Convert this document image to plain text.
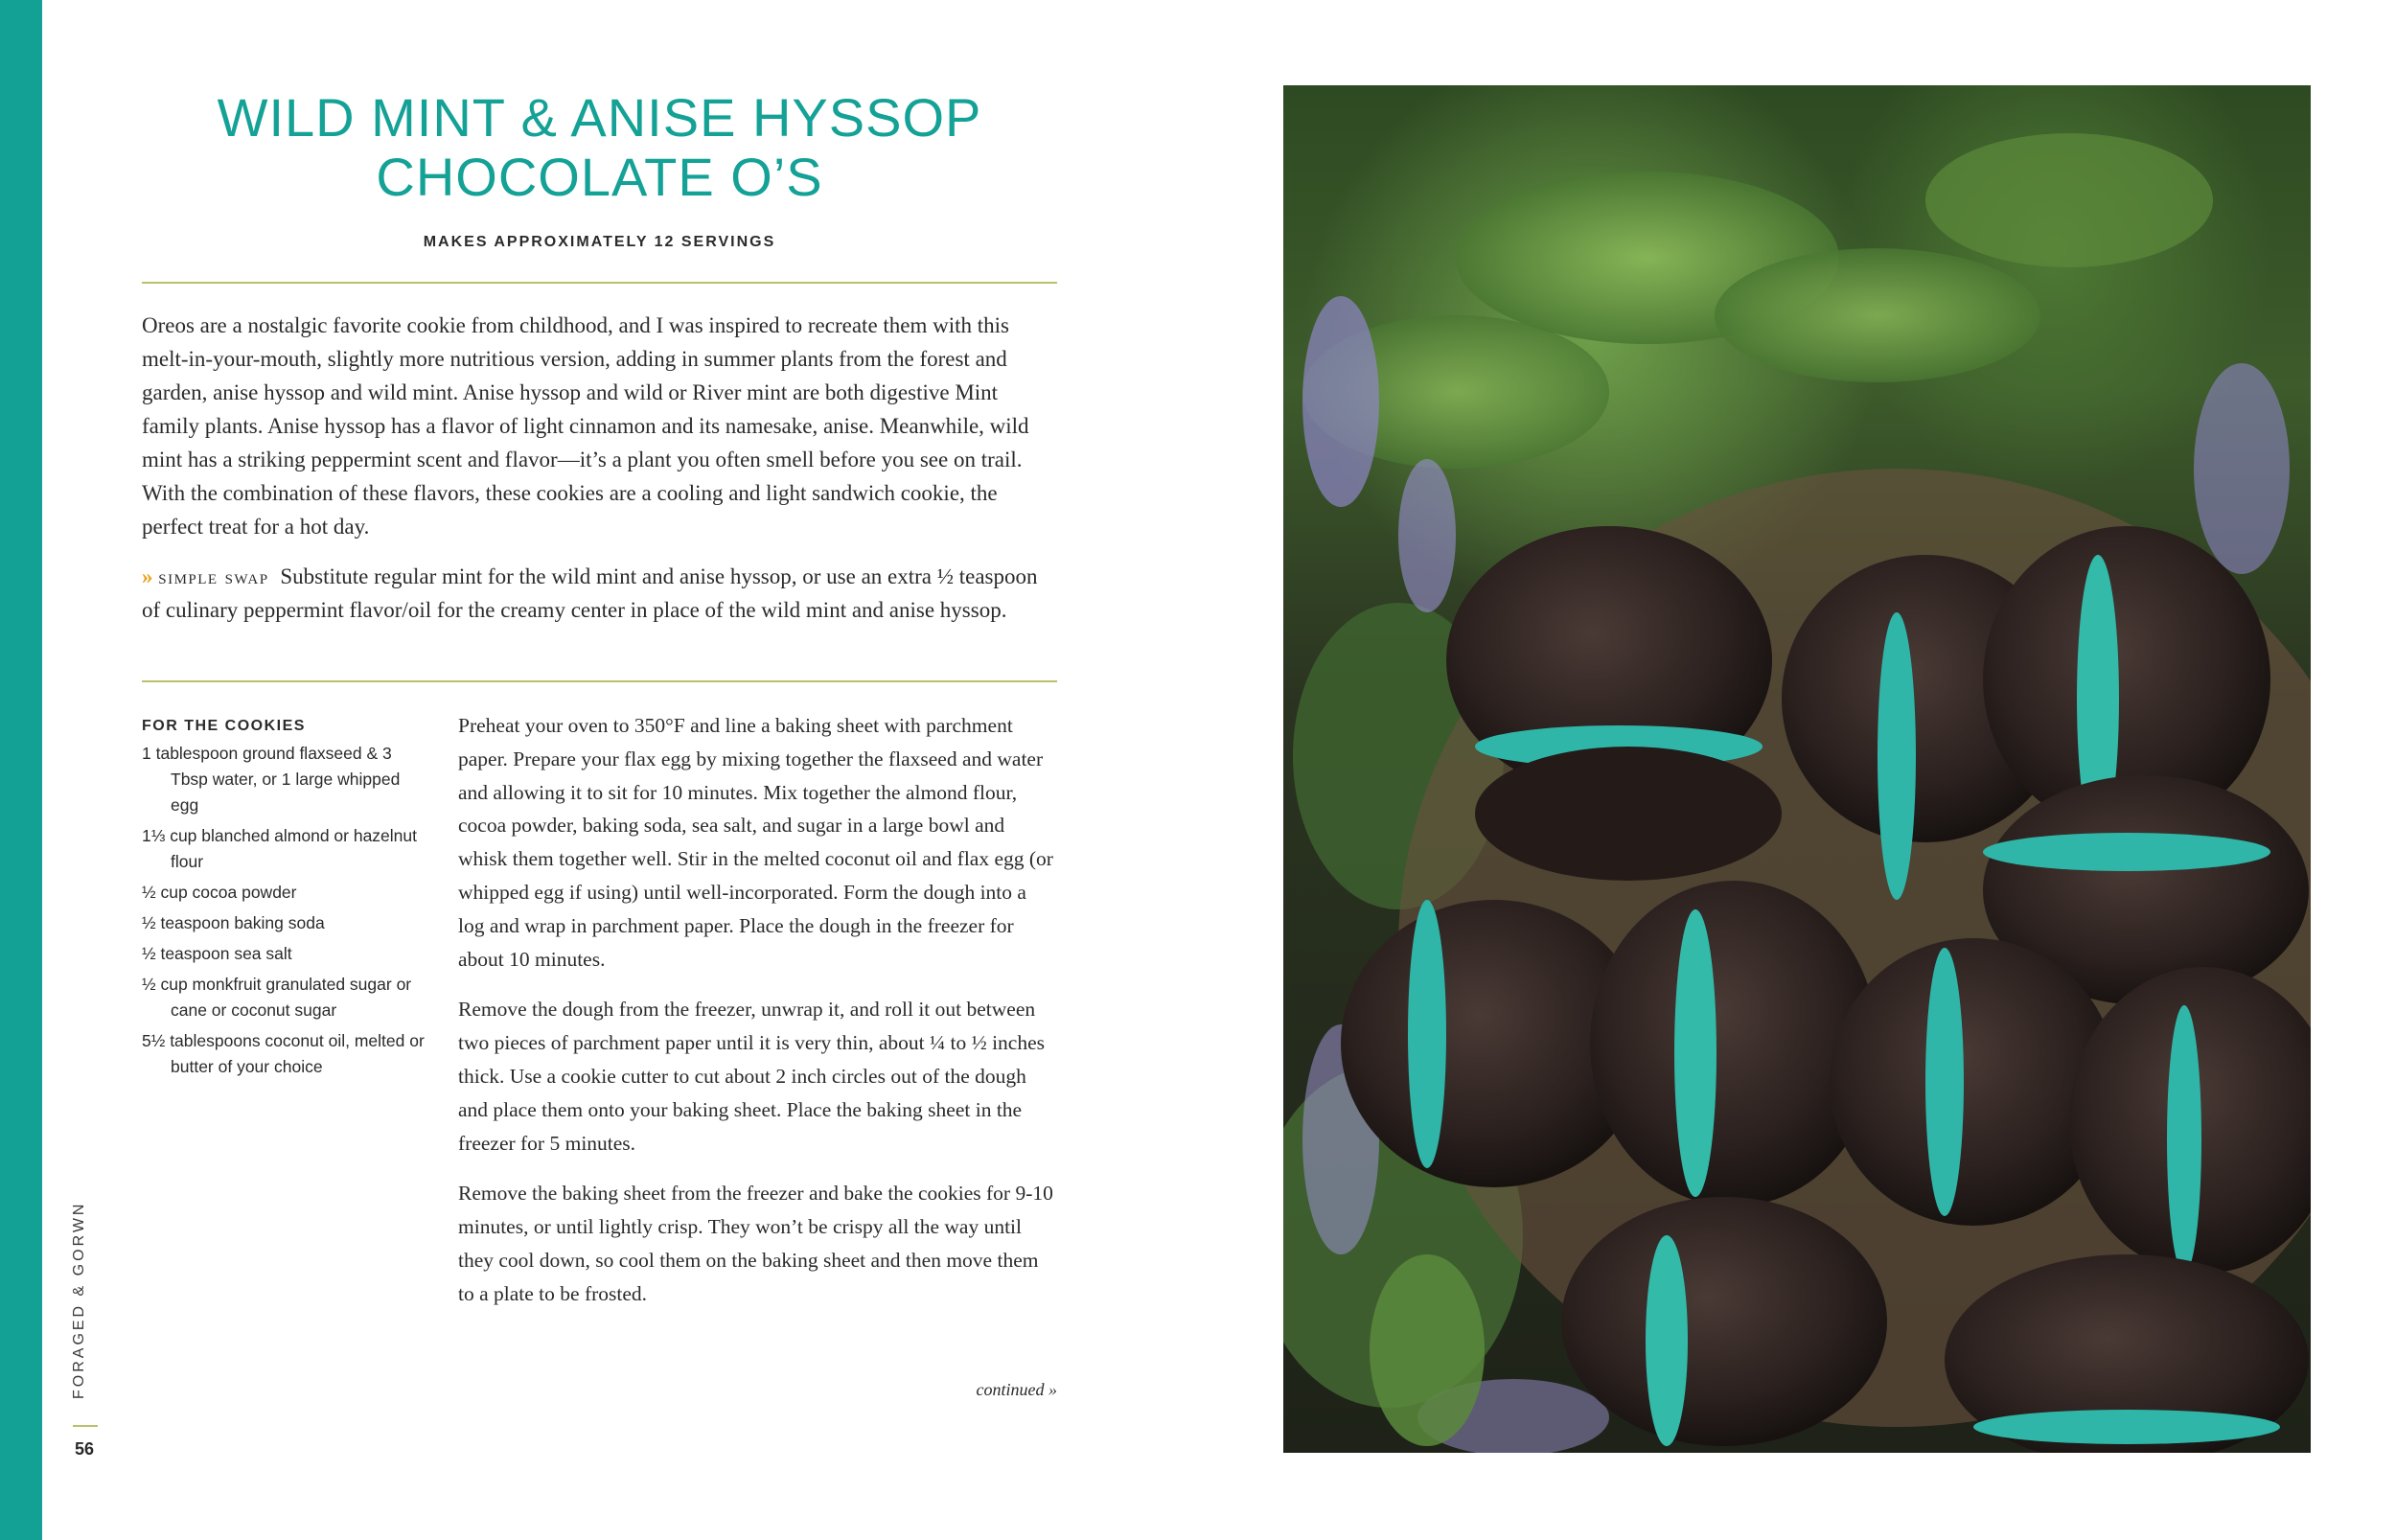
FORAGED & GORWN
56
WILD MINT & ANISE HYSSOP
CHOCOLATE O’S
MAKES APPROXIMATELY 12 SERVINGS

Oreos are a nostalgic favorite cookie from childhood, and I was inspired to recreate them with this melt-in-your-mouth, slightly more nutritious version, adding in summer plants from the forest and garden, anise hyssop and wild mint. Anise hyssop and wild or River mint are both digestive Mint family plants. Anise hyssop has a flavor of light cinnamon and its namesake, anise. Meanwhile, wild mint has a striking peppermint scent and flavor—it’s a plant you often smell before you see on trail. With the combination of these flavors, these cookies are a cooling and light sandwich cookie, the perfect treat for a hot day.

» simple swap Substitute regular mint for the wild mint and anise hyssop, or use an extra ½ teaspoon of culinary peppermint flavor/oil for the creamy center in place of the wild mint and anise hyssop.

FOR THE COOKIES
1 tablespoon ground flaxseed & 3 Tbsp water, or 1 large whipped egg
1⅓ cup blanched almond or hazelnut flour
½ cup cocoa powder
½ teaspoon baking soda
½ teaspoon sea salt
½ cup monkfruit granulated sugar or cane or coconut sugar
5½ tablespoons coconut oil, melted or butter of your choice

Preheat your oven to 350°F and line a baking sheet with parchment paper. Prepare your flax egg by mixing together the flaxseed and water and allowing it to sit for 10 minutes. Mix together the almond flour, cocoa powder, baking soda, sea salt, and sugar in a large bowl and whisk them together well. Stir in the melted coconut oil and flax egg (or whipped egg if using) until well-incorporated. Form the dough into a log and wrap in parchment paper. Place the dough in the freezer for about 10 minutes.

Remove the dough from the freezer, unwrap it, and roll it out between two pieces of parchment paper until it is very thin, about ¼ to ½ inches thick. Use a cookie cutter to cut about 2 inch circles out of the dough and place them onto your baking sheet. Place the baking sheet in the freezer for 5 minutes.

Remove the baking sheet from the freezer and bake the cookies for 9-10 minutes, or until lightly crisp. They won’t be crispy all the way until they cool down, so cool them on the baking sheet and then move them to a plate to be frosted.

continued »
